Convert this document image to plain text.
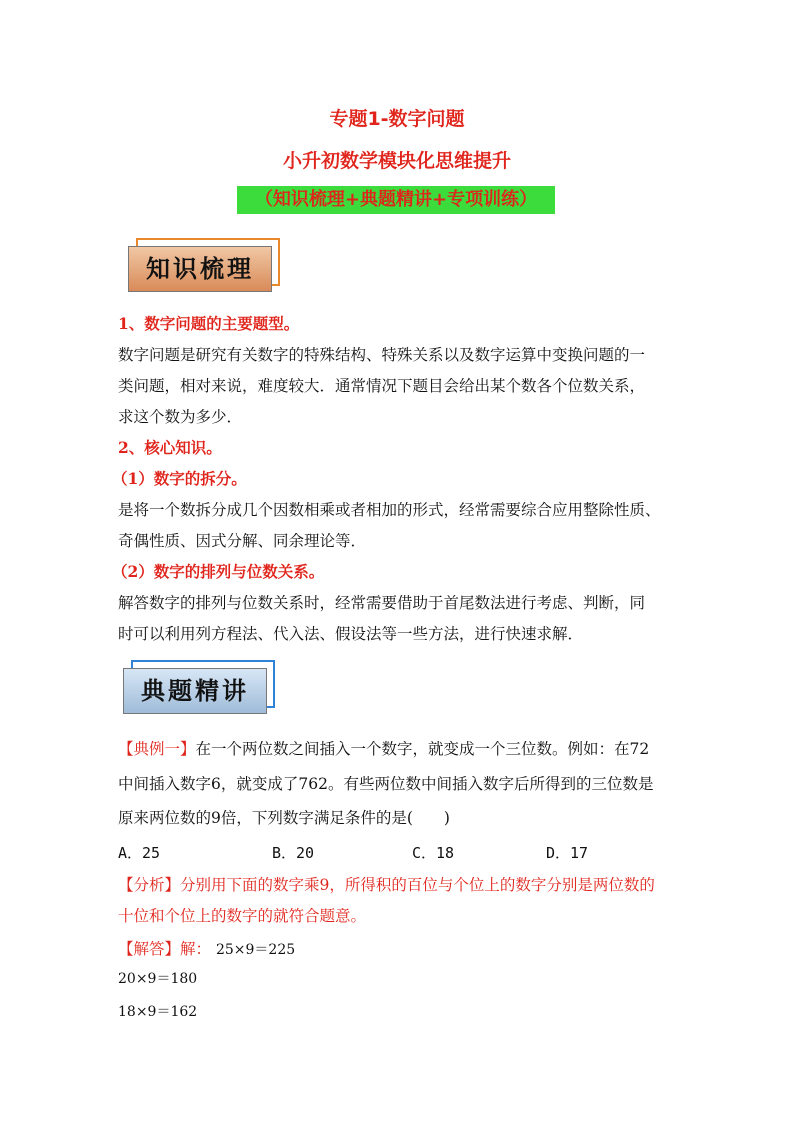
专题1-数字问题
小升初数学模块化思维提升
（知识梳理+典题精讲+专项训练）
知识梳理
1、数字问题的主要题型。
数字问题是研究有关数字的特殊结构、特殊关系以及数字运算中变换问题的一
类问题，相对来说，难度较大．通常情况下题目会给出某个数各个位数关系，
求这个数为多少．
2、核心知识。
（1）数字的拆分。
是将一个数拆分成几个因数相乘或者相加的形式，经常需要综合应用整除性质、
奇偶性质、因式分解、同余理论等．
（2）数字的排列与位数关系。
解答数字的排列与位数关系时，经常需要借助于首尾数法进行考虑、判断，同
时可以利用列方程法、代入法、假设法等一些方法，进行快速求解．
典题精讲
【典例一】在一个两位数之间插入一个数字，就变成一个三位数。例如：在72
中间插入数字6，就变成了762。有些两位数中间插入数字后所得到的三位数是
原来两位数的9倍，下列数字满足条件的是(　　)
A．25	B．20	C．18	D．17
【分析】分别用下面的数字乘9，所得积的百位与个位上的数字分别是两位数的
十位和个位上的数字的就符合题意。
【解答】解： 25×9＝225
20×9＝180
18×9＝162
